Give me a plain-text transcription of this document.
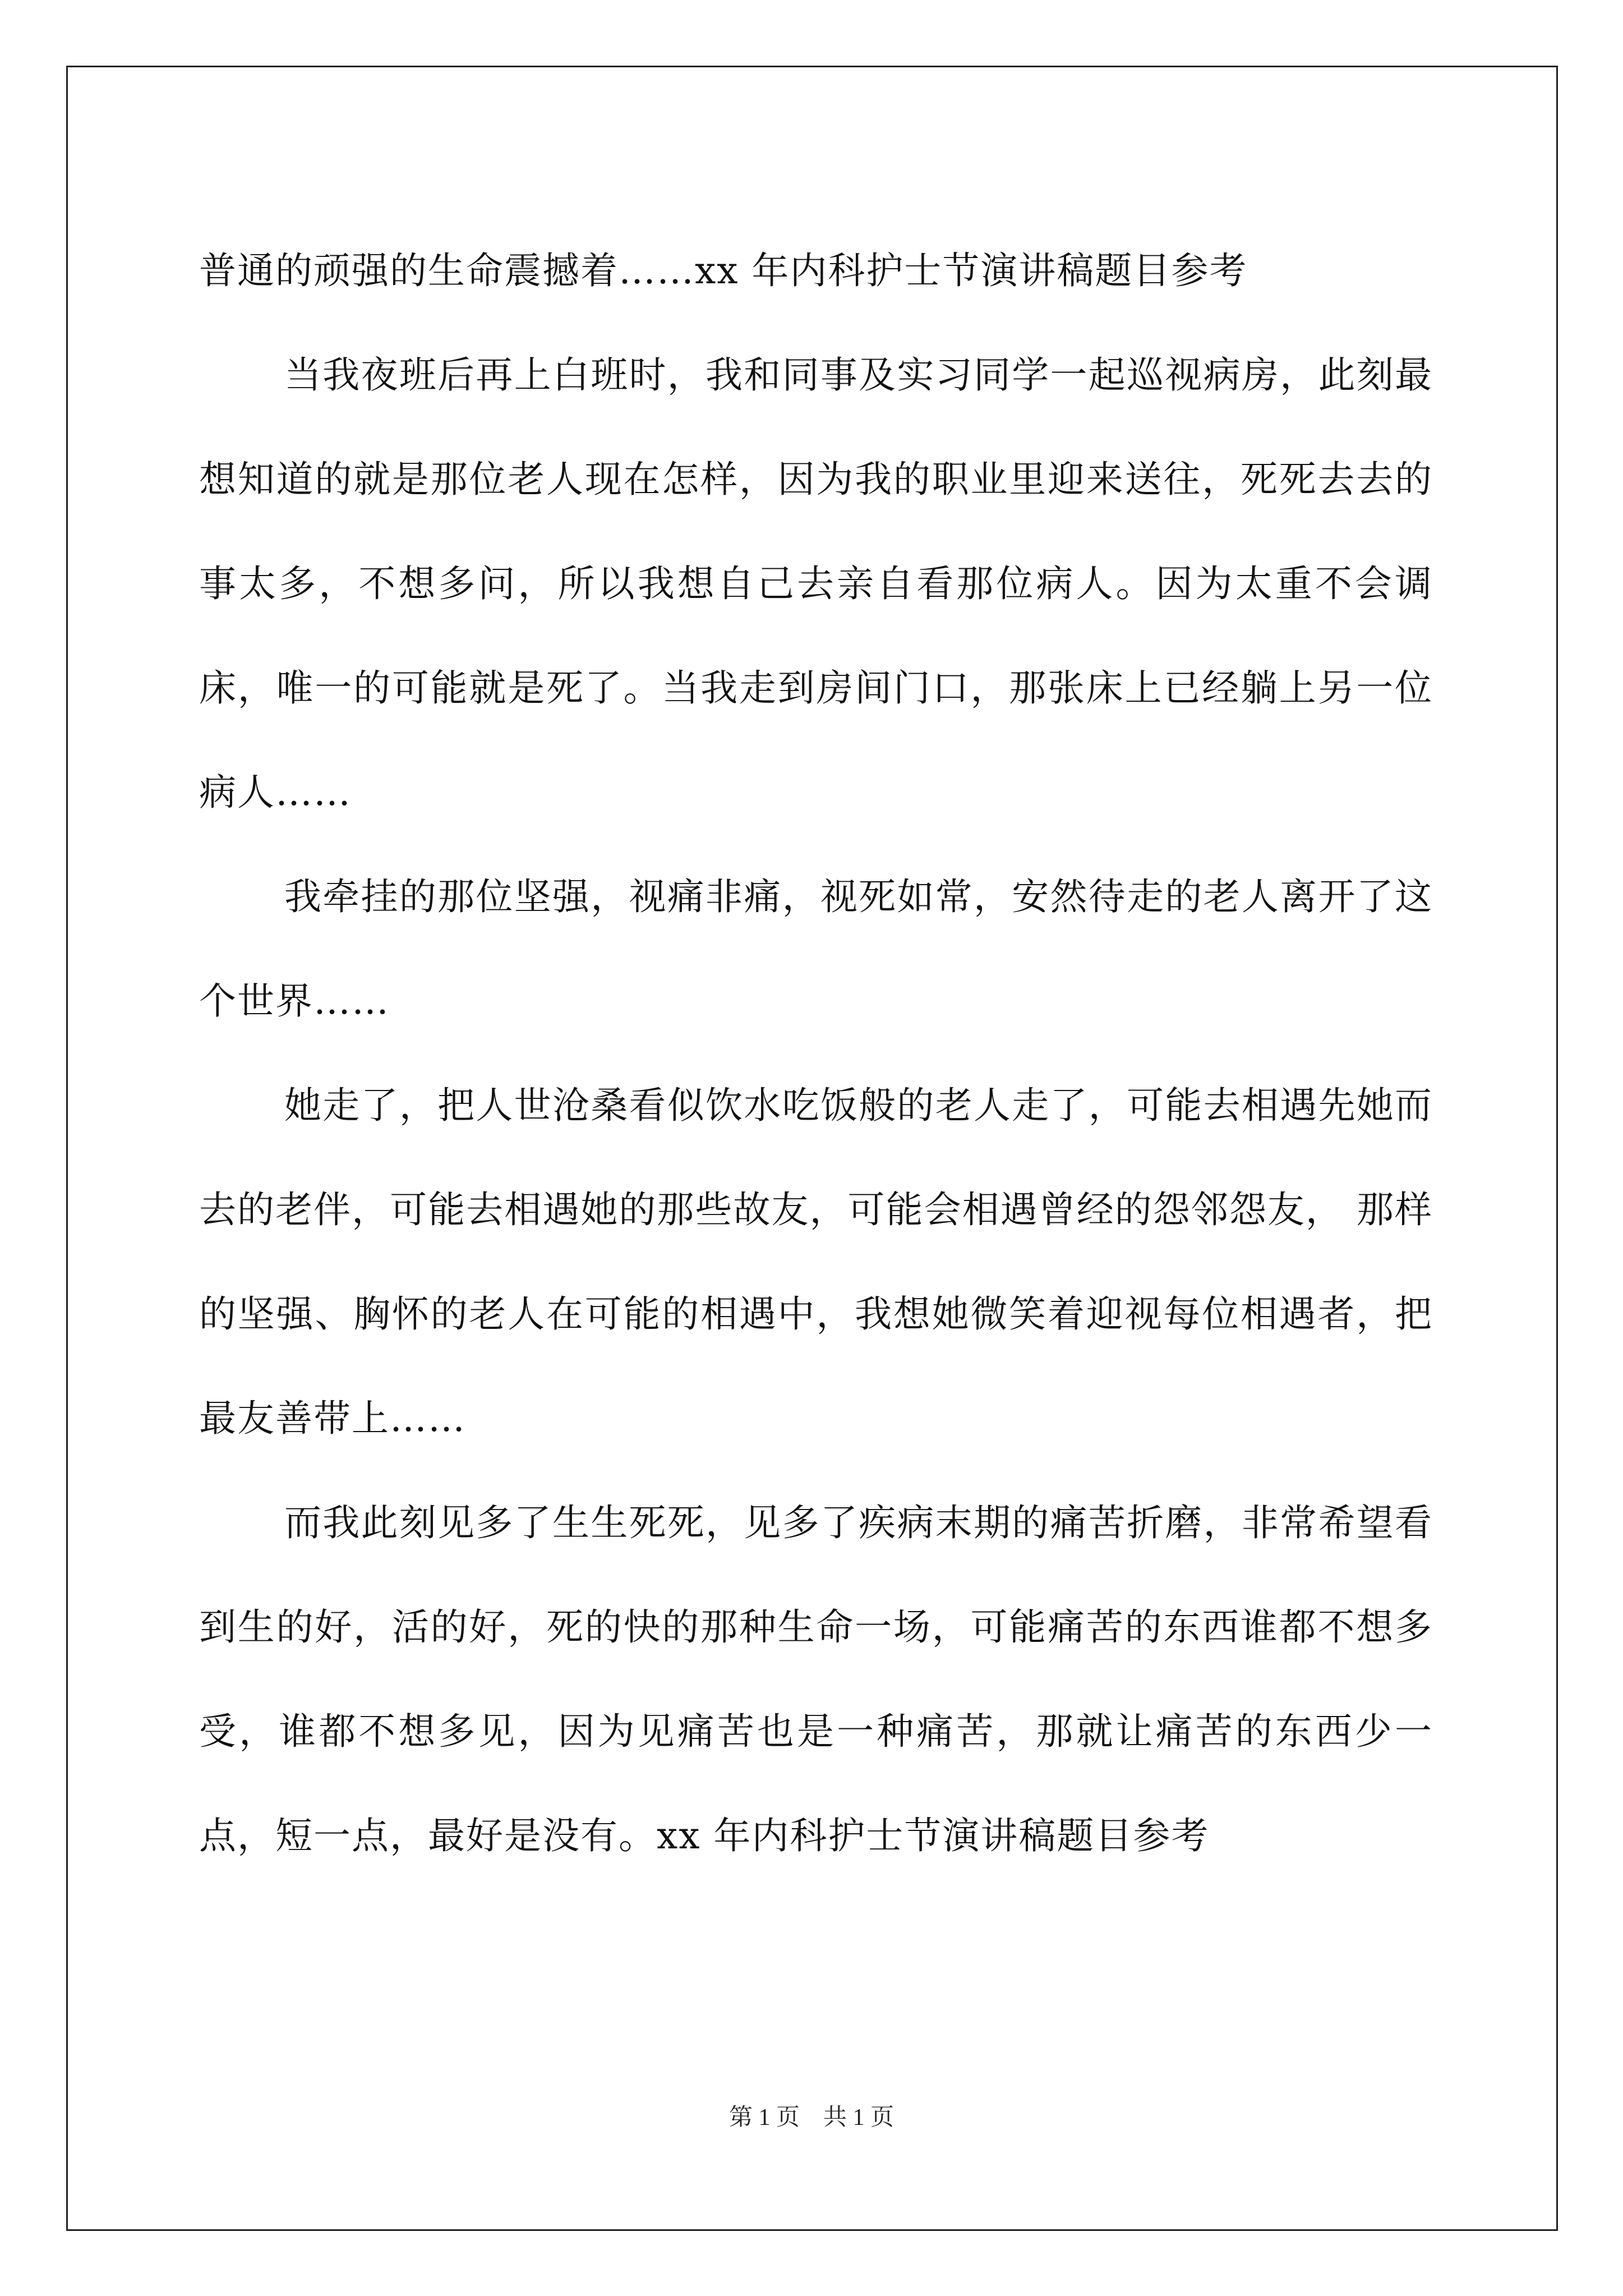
普通的顽强的生命震撼着……xx 年内科护士节演讲稿题目参考

当我夜班后再上白班时，我和同事及实习同学一起巡视病房，此刻最想知道的就是那位老人现在怎样，因为我的职业里迎来送往，死死去去的事太多，不想多问，所以我想自己去亲自看那位病人。因为太重不会调床，唯一的可能就是死了。当我走到房间门口，那张床上已经躺上另一位病人……

我牵挂的那位坚强，视痛非痛，视死如常，安然待走的老人离开了这个世界……

她走了，把人世沧桑看似饮水吃饭般的老人走了，可能去相遇先她而去的老伴，可能去相遇她的那些故友，可能会相遇曾经的怨邻怨友， 那样的坚强、胸怀的老人在可能的相遇中，我想她微笑着迎视每位相遇者，把最友善带上……

而我此刻见多了生生死死，见多了疾病末期的痛苦折磨，非常希望看到生的好，活的好，死的快的那种生命一场，可能痛苦的东西谁都不想多受，谁都不想多见，因为见痛苦也是一种痛苦，那就让痛苦的东西少一点，短一点，最好是没有。xx 年内科护士节演讲稿题目参考

第 1 页　共 1 页
